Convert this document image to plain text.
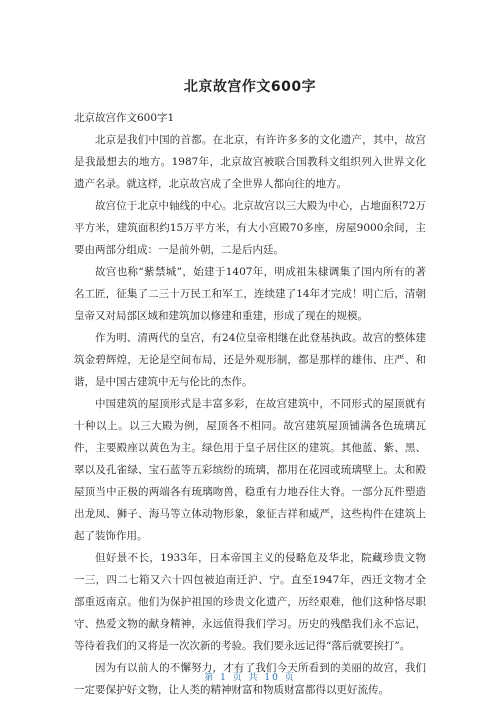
北京故宫作文600字

北京故宫作文600字1

北京是我们中国的首都。在北京，有许许多多的文化遗产，其中，故宫是我最想去的地方。1987年，北京故宫被联合国教科文组织列入世界文化遗产名录。就这样，北京故宫成了全世界人都向往的地方。

故宫位于北京中轴线的中心。北京故宫以三大殿为中心，占地面积72万平方米，建筑面积约15万平方米，有大小宫殿70多座，房屋9000余间，主要由两部分组成：一是前外朝，二是后内廷。

故宫也称“紫禁城”，始建于1407年，明成祖朱棣调集了国内所有的著名工匠，征集了二三十万民工和军工，连续建了14年才完成！明亡后，清朝皇帝又对局部区域和建筑加以修建和重建，形成了现在的规模。

作为明、清两代的皇宫，有24位皇帝相继在此登基执政。故宫的整体建筑金碧辉煌，无论是空间布局，还是外观形制，都是那样的雄伟、庄严、和谐，是中国古建筑中无与伦比的杰作。

中国建筑的屋顶形式是丰富多彩，在故宫建筑中，不同形式的屋顶就有十种以上。以三大殿为例，屋顶各不相同。故宫建筑屋顶铺满各色琉璃瓦件，主要殿座以黄色为主。绿色用于皇子居住区的建筑。其他蓝、紫、黑、翠以及孔雀绿、宝石蓝等五彩缤纷的琉璃，都用在花园或琉璃壁上。太和殿屋顶当中正极的两端各有琉璃吻兽，稳重有力地吞住大脊。一部分瓦件塑造出龙凤、狮子、海马等立体动物形象，象征吉祥和威严，这些构件在建筑上起了装饰作用。

但好景不长，1933年，日本帝国主义的侵略危及华北，院藏珍贵文物一三，四二七箱又六十四包被迫南迁沪、宁。直至1947年，西迁文物才全部重返南京。他们为保护祖国的珍贵文化遗产，历经艰难，他们这种恪尽职守、热爱文物的献身精神，永远值得我们学习。历史的残酷我们永不忘记，等待着我们的又将是一次次新的考验。我们要永远记得“落后就要挨打”。

因为有以前人的不懈努力，才有了我们今天所看到的美丽的故宫，我们一定要保护好文物，让人类的精神财富和物质财富都得以更好流传。

第 1 页 共 10 页
